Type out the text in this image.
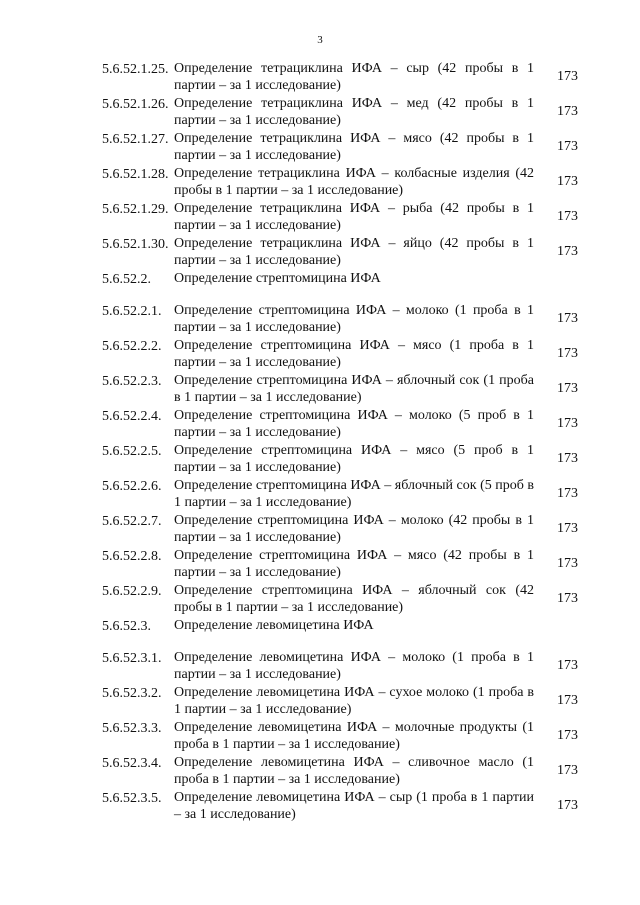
3
5.6.52.1.25.	Определение тетрациклина ИФА – сыр (42 пробы в 1 партии – за 1 исследование)	173
5.6.52.1.26.	Определение тетрациклина ИФА – мед (42 пробы в 1 партии – за 1 исследование)	173
5.6.52.1.27.	Определение тетрациклина ИФА – мясо (42 пробы в 1 партии – за 1 исследование)	173
5.6.52.1.28.	Определение тетрациклина ИФА – колбасные изделия (42 пробы в 1 партии – за 1 исследование)	173
5.6.52.1.29.	Определение тетрациклина ИФА – рыба (42 пробы в 1 партии – за 1 исследование)	173
5.6.52.1.30.	Определение тетрациклина ИФА – яйцо (42 пробы в 1 партии – за 1 исследование)	173
5.6.52.2.	Определение стрептомицина ИФА	
5.6.52.2.1.	Определение стрептомицина ИФА – молоко (1 проба в 1 партии – за 1 исследование)	173
5.6.52.2.2.	Определение стрептомицина ИФА – мясо (1 проба в 1 партии – за 1 исследование)	173
5.6.52.2.3.	Определение стрептомицина ИФА – яблочный сок (1 проба в 1 партии – за 1 исследование)	173
5.6.52.2.4.	Определение стрептомицина ИФА – молоко (5 проб в 1 партии – за 1 исследование)	173
5.6.52.2.5.	Определение стрептомицина ИФА – мясо (5 проб в 1 партии – за 1 исследование)	173
5.6.52.2.6.	Определение стрептомицина ИФА – яблочный сок (5 проб в 1 партии – за 1 исследование)	173
5.6.52.2.7.	Определение стрептомицина ИФА – молоко (42 пробы в 1 партии – за 1 исследование)	173
5.6.52.2.8.	Определение стрептомицина ИФА – мясо (42 пробы в 1 партии – за 1 исследование)	173
5.6.52.2.9.	Определение стрептомицина ИФА – яблочный сок (42 пробы в 1 партии – за 1 исследование)	173
5.6.52.3.	Определение левомицетина ИФА	
5.6.52.3.1.	Определение левомицетина ИФА – молоко (1 проба в 1 партии – за 1 исследование)	173
5.6.52.3.2.	Определение левомицетина ИФА – сухое молоко (1 проба в 1 партии – за 1 исследование)	173
5.6.52.3.3.	Определение левомицетина ИФА – молочные продукты (1 проба в 1 партии – за 1 исследование)	173
5.6.52.3.4.	Определение левомицетина ИФА – сливочное масло (1 проба в 1 партии – за 1 исследование)	173
5.6.52.3.5.	Определение левомицетина ИФА – сыр (1 проба в 1 партии – за 1 исследование)	173
